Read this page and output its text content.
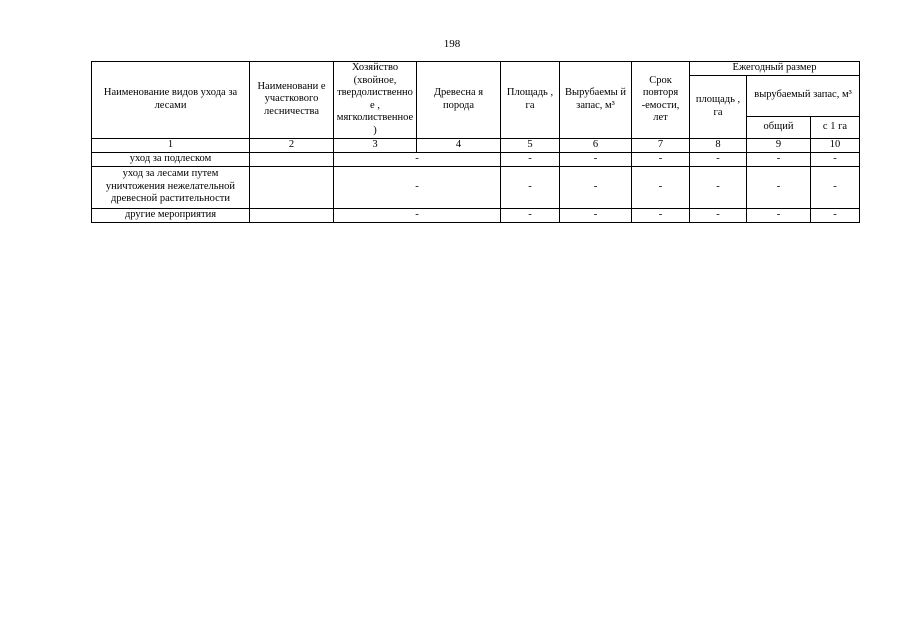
198
Наименование видов ухода за лесами	Наименовани е участкового лесничества	Хозяйство (хвойное, твердолиственное , мягколиственное)	Древесна я порода	Площадь , га	Вырубаемы й запас, м³	Срок повторя -емости, лет	Ежегодный размер		
							площадь , га	вырубаемый запас, м³	
								общий	с 1 га
1	2	3	4	5	6	7	8	9	10
уход за подлеском		-		-	-	-	-	-	-
уход за лесами путем уничтожения нежелательной древесной растительности		-		-	-	-	-	-	-
другие мероприятия		-		-	-	-	-	-	-
